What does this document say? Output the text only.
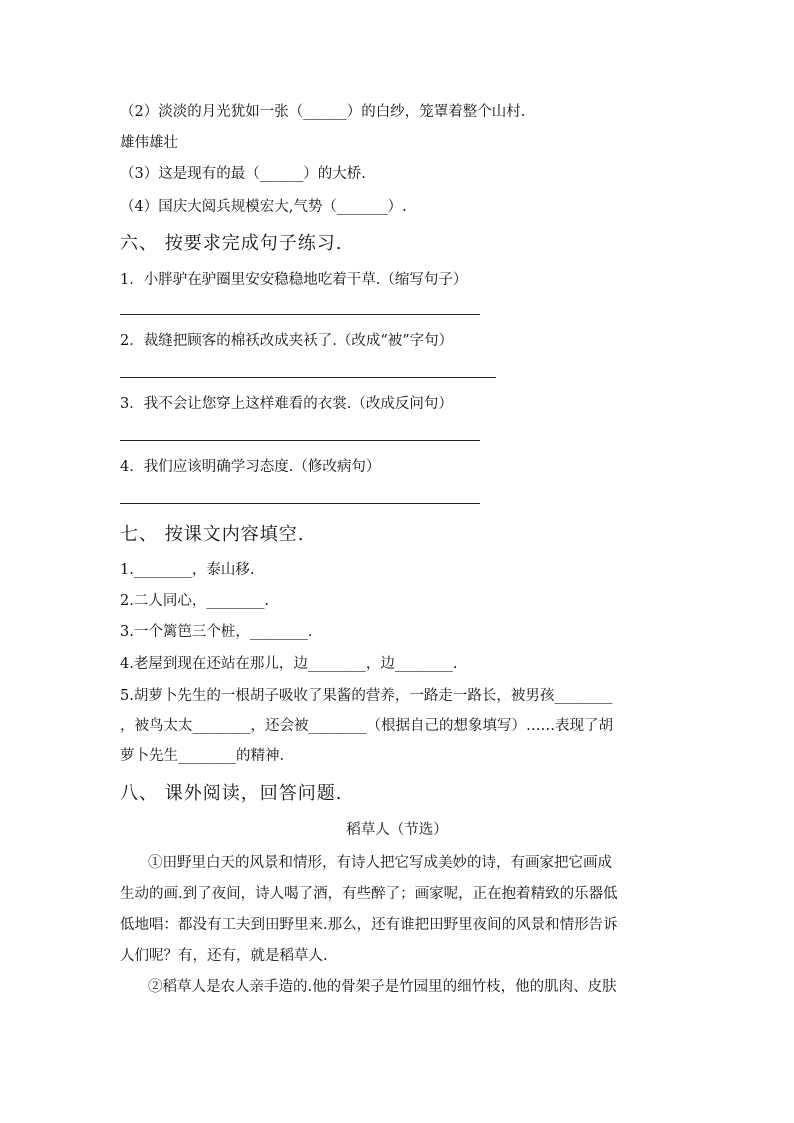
（2）淡淡的月光犹如一张（______）的白纱，笼罩着整个山村.
雄伟雄壮
（3）这是现有的最（______）的大桥.
（4）国庆大阅兵规模宏大,气势（_______）.
六、 按要求完成句子练习.
1．小胖驴在驴圈里安安稳稳地吃着干草.（缩写句子）
2．裁缝把顾客的棉袄改成夹袄了.（改成“被”字句）
3．我不会让您穿上这样难看的衣裳.（改成反问句）
4．我们应该明确学习态度.（修改病句）
七、 按课文内容填空.
1.________，泰山移.
2.二人同心，________.
3.一个篱笆三个桩，________.
4.老屋到现在还站在那儿，边________，边________.
5.胡萝卜先生的一根胡子吸收了果酱的营养，一路走一路长，被男孩________
，被鸟太太________，还会被________（根据自己的想象填写）……表现了胡
萝卜先生________的精神.
八、 课外阅读，回答问题.
稻草人（节选）
①田野里白天的风景和情形，有诗人把它写成美妙的诗，有画家把它画成
生动的画.到了夜间，诗人喝了酒，有些醉了；画家呢，正在抱着精致的乐器低
低地唱：都没有工夫到田野里来.那么，还有谁把田野里夜间的风景和情形告诉
人们呢？有，还有，就是稻草人.
②稻草人是农人亲手造的.他的骨架子是竹园里的细竹枝，他的肌肉、皮肤
